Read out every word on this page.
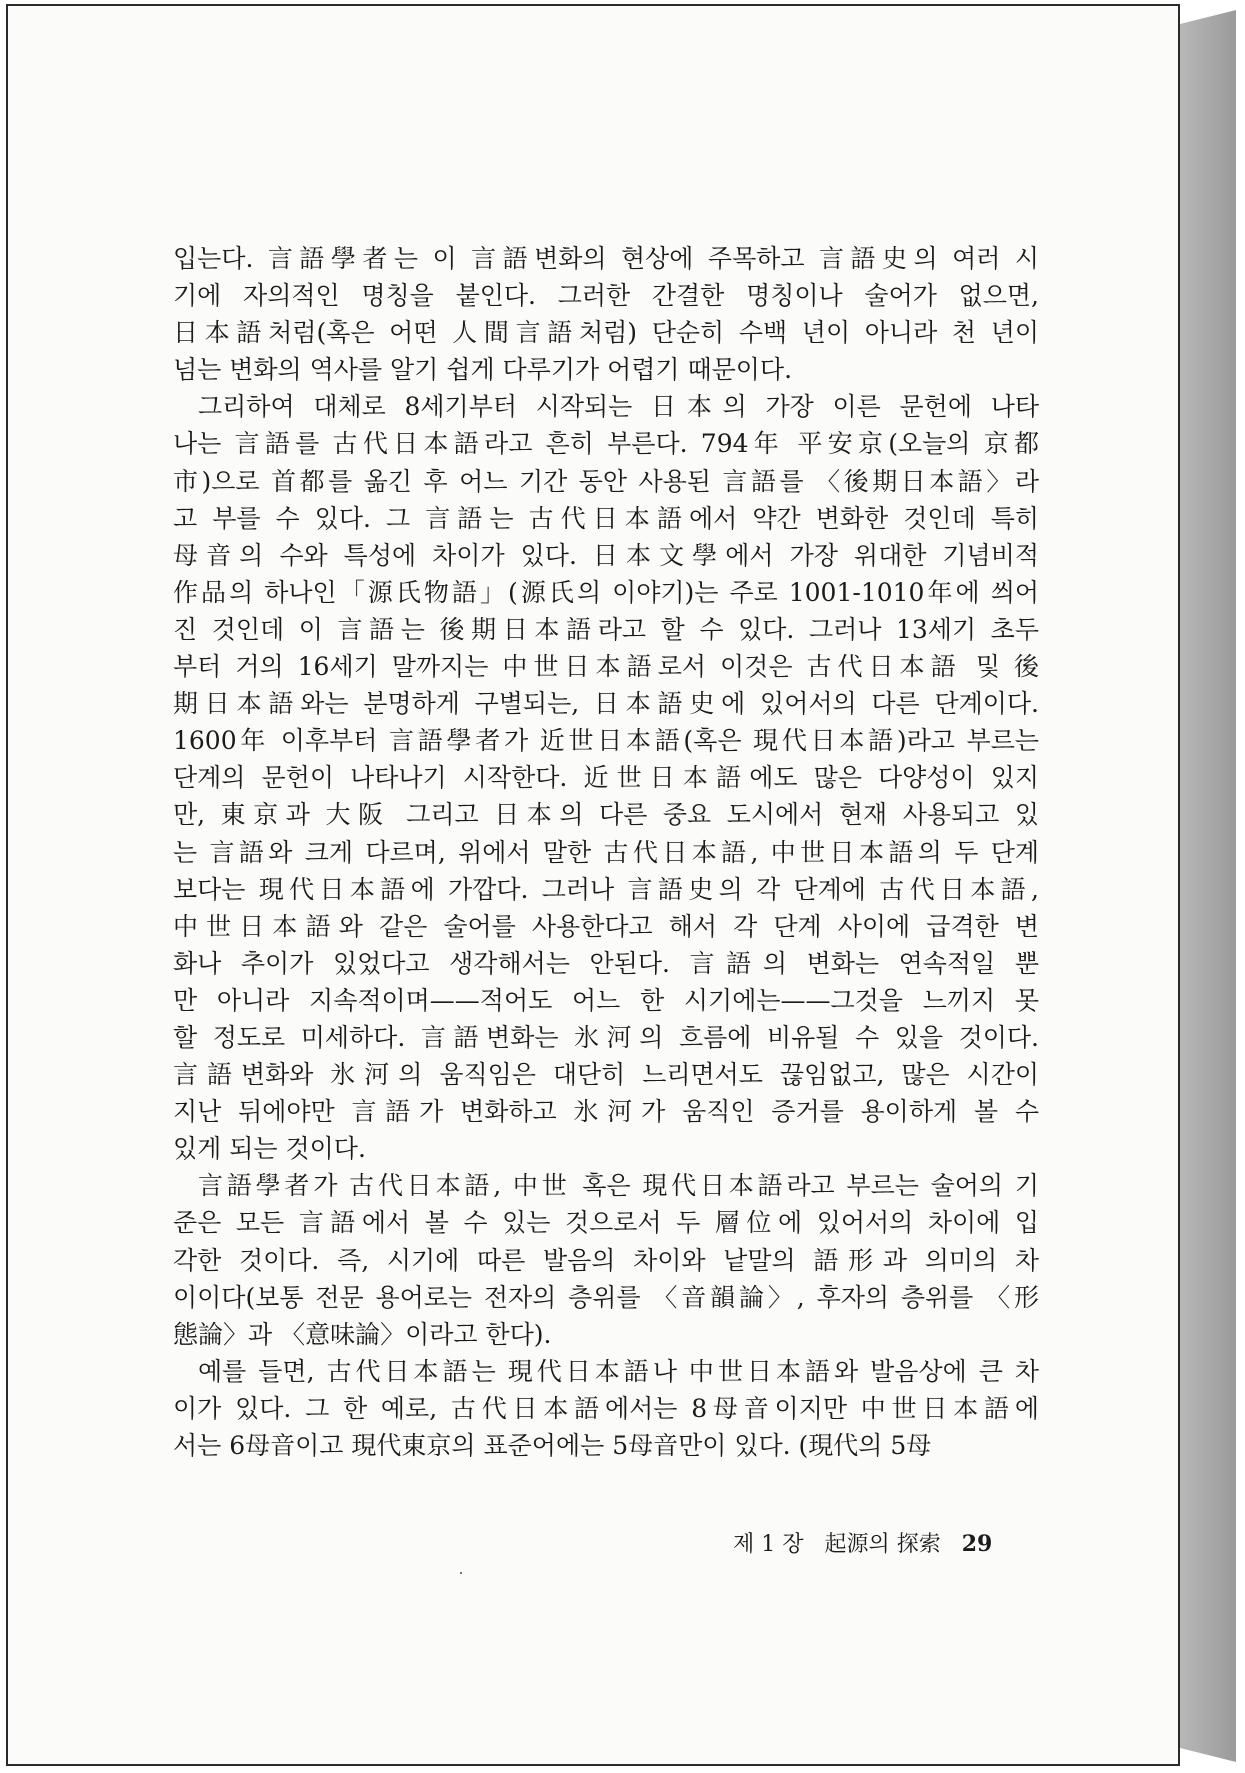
입는다. 言語學者는 이 言語변화의 현상에 주목하고 言語史의 여러 시
기에 자의적인 명칭을 붙인다. 그러한 간결한 명칭이나 술어가 없으면,
日本語처럼(혹은 어떤 人間言語처럼) 단순히 수백 년이 아니라 천 년이
넘는 변화의 역사를 알기 쉽게 다루기가 어렵기 때문이다.
그리하여 대체로 8세기부터 시작되는 日本의 가장 이른 문헌에 나타
나는 言語를 古代日本語라고 흔히 부른다. 794年 平安京(오늘의 京都
市)으로 首都를 옮긴 후 어느 기간 동안 사용된 言語를 〈後期日本語〉라
고 부를 수 있다. 그 言語는 古代日本語에서 약간 변화한 것인데 특히
母音의 수와 특성에 차이가 있다. 日本文學에서 가장 위대한 기념비적
作品의 하나인「源氏物語」(源氏의 이야기)는 주로 1001-1010年에 씌어
진 것인데 이 言語는 後期日本語라고 할 수 있다. 그러나 13세기 초두
부터 거의 16세기 말까지는 中世日本語로서 이것은 古代日本語 및 後
期日本語와는 분명하게 구별되는, 日本語史에 있어서의 다른 단계이다.
1600年 이후부터 言語學者가 近世日本語(혹은 現代日本語)라고 부르는
단계의 문헌이 나타나기 시작한다. 近世日本語에도 많은 다양성이 있지
만, 東京과 大阪 그리고 日本의 다른 중요 도시에서 현재 사용되고 있
는 言語와 크게 다르며, 위에서 말한 古代日本語, 中世日本語의 두 단계
보다는 現代日本語에 가깝다. 그러나 言語史의 각 단계에 古代日本語,
中世日本語와 같은 술어를 사용한다고 해서 각 단계 사이에 급격한 변
화나 추이가 있었다고 생각해서는 안된다. 言語의 변화는 연속적일 뿐
만 아니라 지속적이며——적어도 어느 한 시기에는——그것을 느끼지 못
할 정도로 미세하다. 言語변화는 氷河의 흐름에 비유될 수 있을 것이다.
言語변화와 氷河의 움직임은 대단히 느리면서도 끊임없고, 많은 시간이
지난 뒤에야만 言語가 변화하고 氷河가 움직인 증거를 용이하게 볼 수
있게 되는 것이다.
言語學者가 古代日本語, 中世 혹은 現代日本語라고 부르는 술어의 기
준은 모든 言語에서 볼 수 있는 것으로서 두 層位에 있어서의 차이에 입
각한 것이다. 즉, 시기에 따른 발음의 차이와 낱말의 語形과 의미의 차
이이다(보통 전문 용어로는 전자의 층위를 〈音韻論〉, 후자의 층위를 〈形
態論〉과 〈意味論〉이라고 한다).
예를 들면, 古代日本語는 現代日本語나 中世日本語와 발음상에 큰 차
이가 있다. 그 한 예로, 古代日本語에서는 8母音이지만 中世日本語에
서는 6母音이고 現代東京의 표준어에는 5母音만이 있다. (現代의 5母
제 1 장 起源의 探索 29
